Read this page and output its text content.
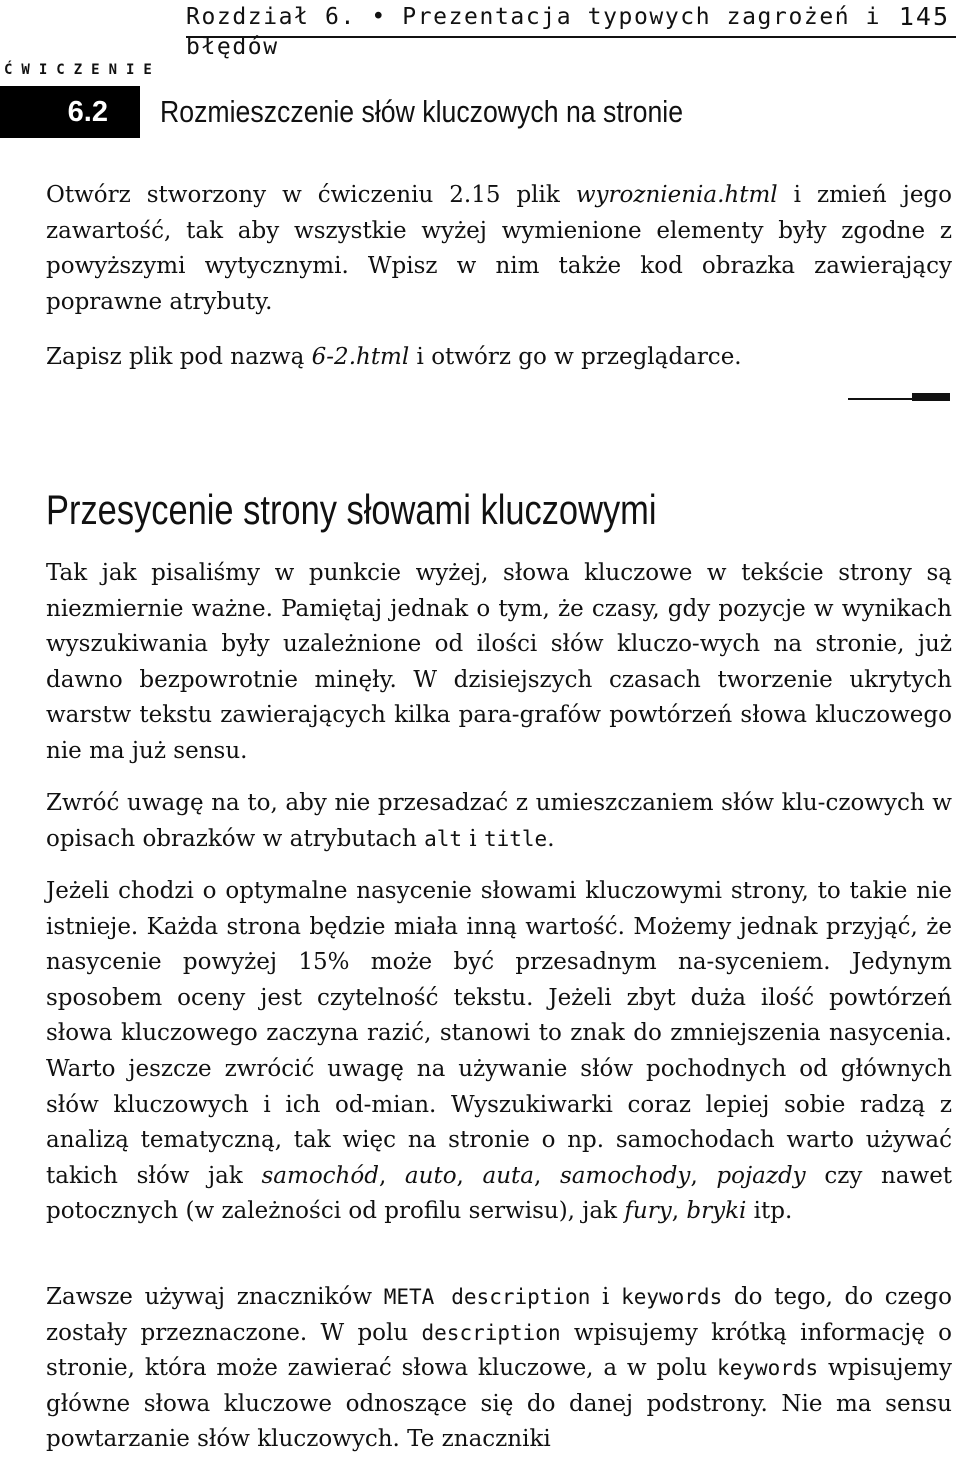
Rozdział 6. • Prezentacja typowych zagrożeń i błędów
145
ĆWICZENIE
6.2 Rozmieszczenie słów kluczowych na stronie

Otwórz stworzony w ćwiczeniu 2.15 plik wyroznienia.html i zmień jego zawartość, tak aby wszystkie wyżej wymienione elementy były zgodne z powyższymi wytycznymi. Wpisz w nim także kod obrazka zawierający poprawne atrybuty.

Zapisz plik pod nazwą 6-2.html i otwórz go w przeglądarce.

Przesycenie strony słowami kluczowymi

Tak jak pisaliśmy w punkcie wyżej, słowa kluczowe w tekście strony są niezmiernie ważne. Pamiętaj jednak o tym, że czasy, gdy pozycje w wynikach wyszukiwania były uzależnione od ilości słów kluczo-wych na stronie, już dawno bezpowrotnie minęły. W dzisiejszych czasach tworzenie ukrytych warstw tekstu zawierających kilka para-grafów powtórzeń słowa kluczowego nie ma już sensu.

Zwróć uwagę na to, aby nie przesadzać z umieszczaniem słów klu-czowych w opisach obrazków w atrybutach alt i title.

Jeżeli chodzi o optymalne nasycenie słowami kluczowymi strony, to takie nie istnieje. Każda strona będzie miała inną wartość. Możemy jednak przyjąć, że nasycenie powyżej 15% może być przesadnym na-syceniem. Jedynym sposobem oceny jest czytelność tekstu. Jeżeli zbyt duża ilość powtórzeń słowa kluczowego zaczyna razić, stanowi to znak do zmniejszenia nasycenia. Warto jeszcze zwrócić uwagę na używanie słów pochodnych od głównych słów kluczowych i ich od-mian. Wyszukiwarki coraz lepiej sobie radzą z analizą tematyczną, tak więc na stronie o np. samochodach warto używać takich słów jak samochód, auto, auta, samochody, pojazdy czy nawet potocznych (w zależności od profilu serwisu), jak fury, bryki itp.

Zawsze używaj znaczników META description i keywords do tego, do czego zostały przeznaczone. W polu description wpisujemy krótką informację o stronie, która może zawierać słowa kluczowe, a w polu keywords wpisujemy główne słowa kluczowe odnoszące się do danej podstrony. Nie ma sensu powtarzanie słów kluczowych. Te znaczniki
